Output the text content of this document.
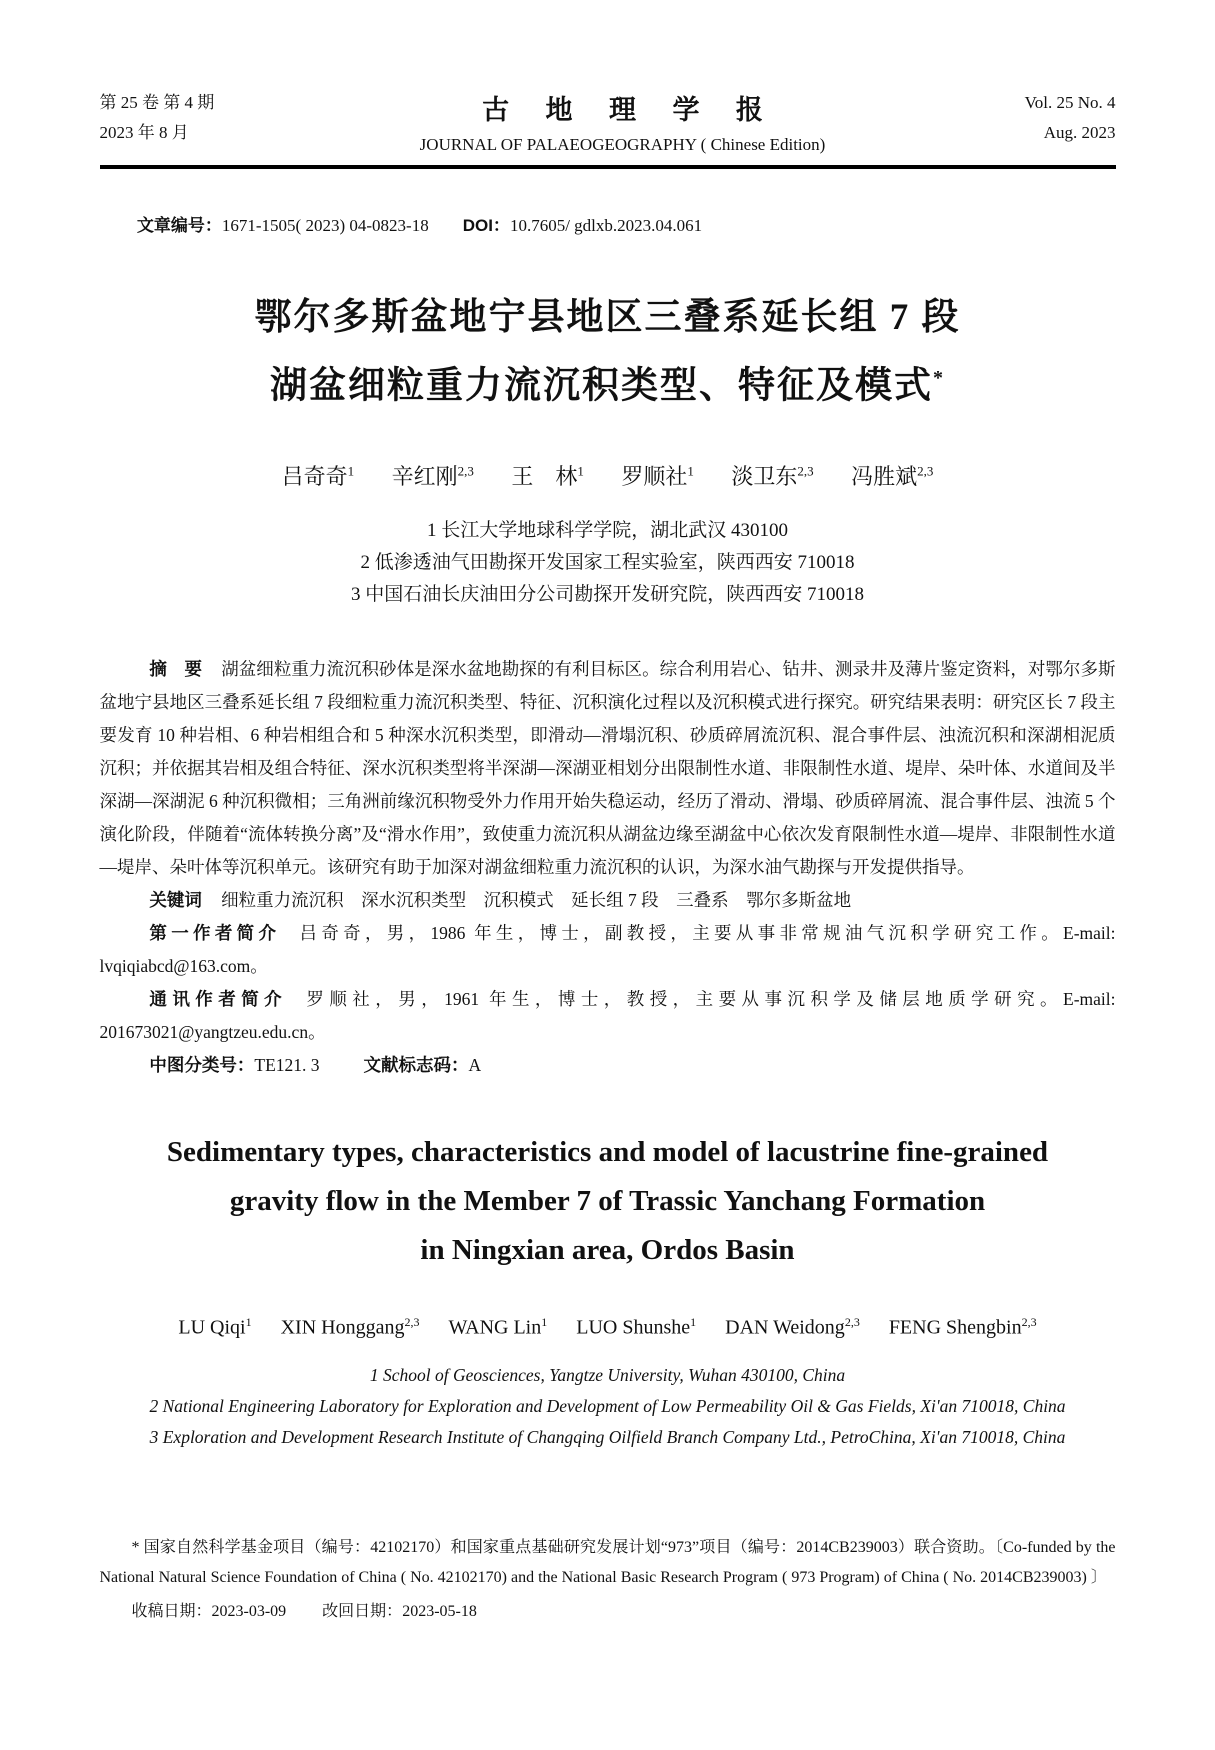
第 25 卷 第 4 期
2023 年 8 月
古地理学报
JOURNAL OF PALAEOGEOGRAPHY ( Chinese Edition)
Vol. 25 No. 4
Aug. 2023
文章编号：1671-1505( 2023) 04-0823-18 DOI：10.7605/ gdlxb.2023.04.061
鄂尔多斯盆地宁县地区三叠系延长组 7 段
湖盆细粒重力流沉积类型、特征及模式*
吕奇奇$^1$ 辛红刚$^{2,3}$ 王　林$^1$ 罗顺社$^1$ 淡卫东$^{2,3}$ 冯胜斌$^{2,3}$
1 长江大学地球科学学院，湖北武汉 430100
2 低渗透油气田勘探开发国家工程实验室，陕西西安 710018
3 中国石油长庆油田分公司勘探开发研究院，陕西西安 710018
摘　要 湖盆细粒重力流沉积砂体是深水盆地勘探的有利目标区。综合利用岩心、钻井、测录井及薄片鉴定资料，对鄂尔多斯盆地宁县地区三叠系延长组 7 段细粒重力流沉积类型、特征、沉积演化过程以及沉积模式进行探究。研究结果表明：研究区长 7 段主要发育 10 种岩相、6 种岩相组合和 5 种深水沉积类型，即滑动—滑塌沉积、砂质碎屑流沉积、混合事件层、浊流沉积和深湖相泥质沉积；并依据其岩相及组合特征、深水沉积类型将半深湖—深湖亚相划分出限制性水道、非限制性水道、堤岸、朵叶体、水道间及半深湖—深湖泥 6 种沉积微相；三角洲前缘沉积物受外力作用开始失稳运动，经历了滑动、滑塌、砂质碎屑流、混合事件层、浊流 5 个演化阶段，伴随着“流体转换分离”及“滑水作用”，致使重力流沉积从湖盆边缘至湖盆中心依次发育限制性水道—堤岸、非限制性水道—堤岸、朵叶体等沉积单元。该研究有助于加深对湖盆细粒重力流沉积的认识，为深水油气勘探与开发提供指导。
关键词 细粒重力流沉积　深水沉积类型　沉积模式　延长组 7 段　三叠系　鄂尔多斯盆地
第一作者简介 吕奇奇，男，1986 年生，博士，副教授，主要从事非常规油气沉积学研究工作。E-mail: lvqiqiabcd@163.com。
通讯作者简介 罗顺社，男，1961 年生，博士，教授，主要从事沉积学及储层地质学研究。E-mail: 201673021@yangtzeu.edu.cn。
中图分类号：TE121. 3	文献标志码：A
Sedimentary types, characteristics and model of lacustrine fine-grained
gravity flow in the Member 7 of Trassic Yanchang Formation
in Ningxian area, Ordos Basin
LU Qiqi$^1$ XIN Honggang$^{2,3}$ WANG Lin$^1$ LUO Shunshe$^1$ DAN Weidong$^{2,3}$ FENG Shengbin$^{2,3}$
1 School of Geosciences, Yangtze University, Wuhan 430100, China
2 National Engineering Laboratory for Exploration and Development of Low Permeability Oil & Gas Fields, Xi'an 710018, China
3 Exploration and Development Research Institute of Changqing Oilfield Branch Company Ltd., PetroChina, Xi'an 710018, China
* 国家自然科学基金项目（编号：42102170）和国家重点基础研究发展计划“973”项目（编号：2014CB239003）联合资助。〔Co-funded by the National Natural Science Foundation of China ( No. 42102170) and the National Basic Research Program ( 973 Program) of China ( No. 2014CB239003) 〕
收稿日期：2023-03-09 改回日期：2023-05-18
